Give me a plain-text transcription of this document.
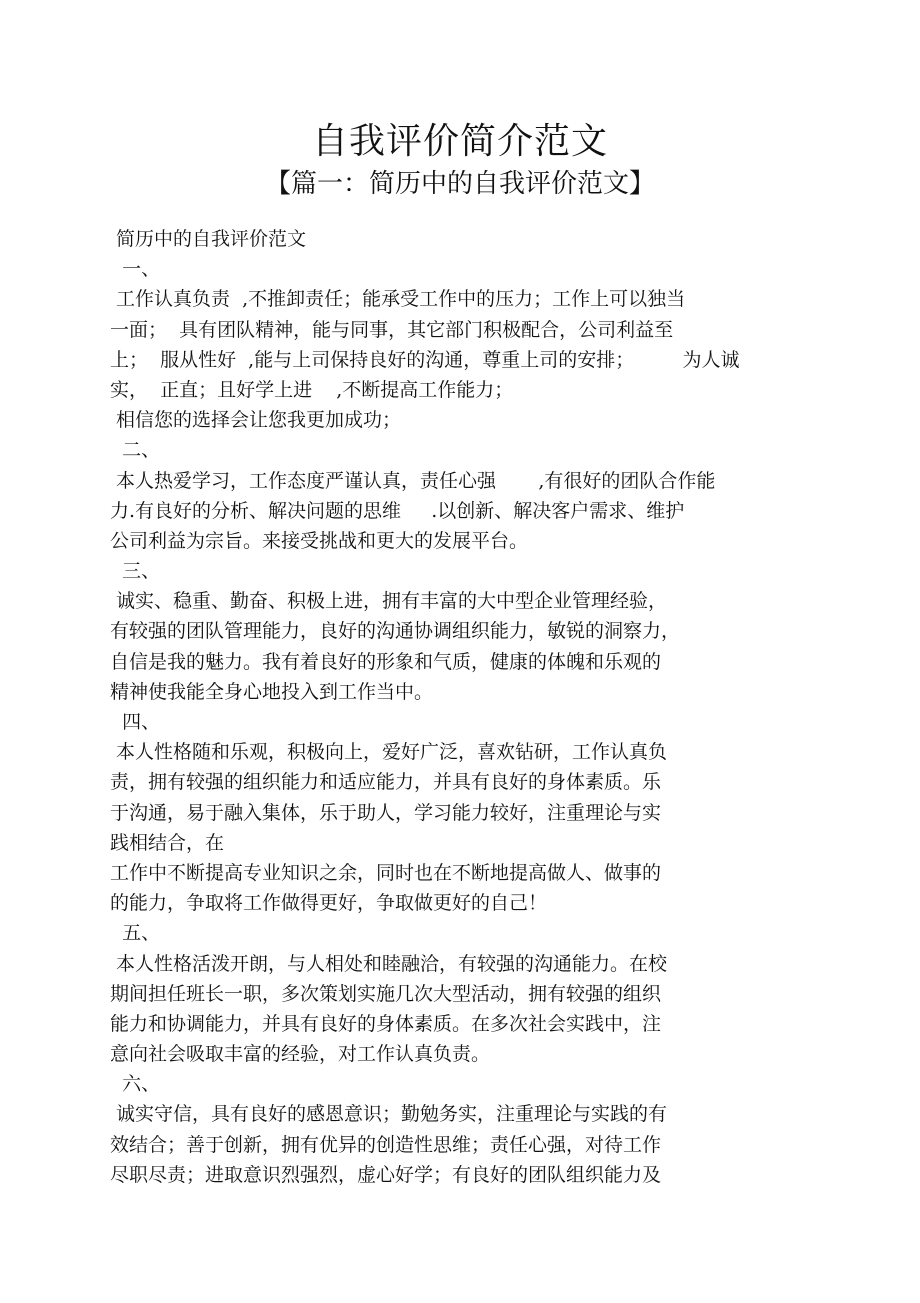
自我评价简介范文
【篇一：简历中的自我评价范文】
简历中的自我评价范文
一、
工作认真负责  ,不推卸责任；能承受工作中的压力；工作上可以独当
一面；  具有团队精神，能与同事，其它部门积极配合，公司利益至
上；  服从性好  ,能与上司保持良好的沟通，尊重上司的安排；        为人诚
实，  正直；且好学上进    ,不断提高工作能力；
相信您的选择会让您我更加成功；
二、
本人热爱学习，工作态度严谨认真，责任心强       ,有很好的团队合作能
力.有良好的分析、解决问题的思维     .以创新、解决客户需求、维护
公司利益为宗旨。来接受挑战和更大的发展平台。
三、
诚实、稳重、勤奋、积极上进，拥有丰富的大中型企业管理经验，
有较强的团队管理能力，良好的沟通协调组织能力，敏锐的洞察力，
自信是我的魅力。我有着良好的形象和气质，健康的体魄和乐观的
精神使我能全身心地投入到工作当中。
四、
本人性格随和乐观，积极向上，爱好广泛，喜欢钻研，工作认真负
责，拥有较强的组织能力和适应能力，并具有良好的身体素质。乐
于沟通，易于融入集体，乐于助人，学习能力较好，注重理论与实
践相结合，在
工作中不断提高专业知识之余，同时也在不断地提高做人、做事的
的能力，争取将工作做得更好，争取做更好的自己！
五、
本人性格活泼开朗，与人相处和睦融洽，有较强的沟通能力。在校
期间担任班长一职，多次策划实施几次大型活动，拥有较强的组织
能力和协调能力，并具有良好的身体素质。在多次社会实践中，注
意向社会吸取丰富的经验，对工作认真负责。
六、
诚实守信，具有良好的感恩意识；勤勉务实，注重理论与实践的有
效结合；善于创新，拥有优异的创造性思维；责任心强，对待工作
尽职尽责；进取意识烈强烈，虚心好学；有良好的团队组织能力及
